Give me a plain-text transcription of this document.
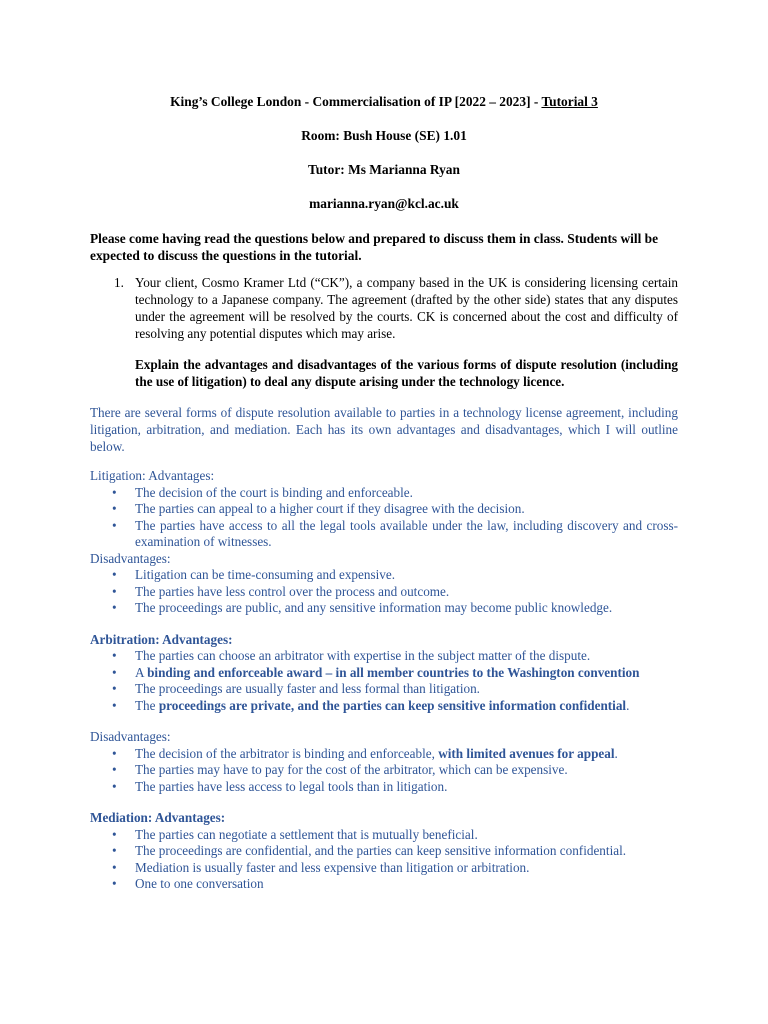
King’s College London - Commercialisation of IP [2022 – 2023] - Tutorial 3

Room: Bush House (SE) 1.01

Tutor: Ms Marianna Ryan

marianna.ryan@kcl.ac.uk

Please come having read the questions below and prepared to discuss them in class. Students will be expected to discuss the questions in the tutorial.

1. Your client, Cosmo Kramer Ltd (“CK”), a company based in the UK is considering licensing certain technology to a Japanese company. The agreement (drafted by the other side) states that any disputes under the agreement will be resolved by the courts. CK is concerned about the cost and difficulty of resolving any potential disputes which may arise.
Explain the advantages and disadvantages of the various forms of dispute resolution (including the use of litigation) to deal any dispute arising under the technology licence.

There are several forms of dispute resolution available to parties in a technology license agreement, including litigation, arbitration, and mediation. Each has its own advantages and disadvantages, which I will outline below.

Litigation: Advantages:

• The decision of the court is binding and enforceable.
• The parties can appeal to a higher court if they disagree with the decision.
• The parties have access to all the legal tools available under the law, including discovery and cross-examination of witnesses.

Disadvantages:

• Litigation can be time-consuming and expensive.
• The parties have less control over the process and outcome.
• The proceedings are public, and any sensitive information may become public knowledge.

Arbitration: Advantages:

• The parties can choose an arbitrator with expertise in the subject matter of the dispute.
• A binding and enforceable award – in all member countries to the Washington convention
• The proceedings are usually faster and less formal than litigation.
• The proceedings are private, and the parties can keep sensitive information confidential.

Disadvantages:

• The decision of the arbitrator is binding and enforceable, with limited avenues for appeal.
• The parties may have to pay for the cost of the arbitrator, which can be expensive.
• The parties have less access to legal tools than in litigation.

Mediation: Advantages:

• The parties can negotiate a settlement that is mutually beneficial.
• The proceedings are confidential, and the parties can keep sensitive information confidential.
• Mediation is usually faster and less expensive than litigation or arbitration.
• One to one conversation
